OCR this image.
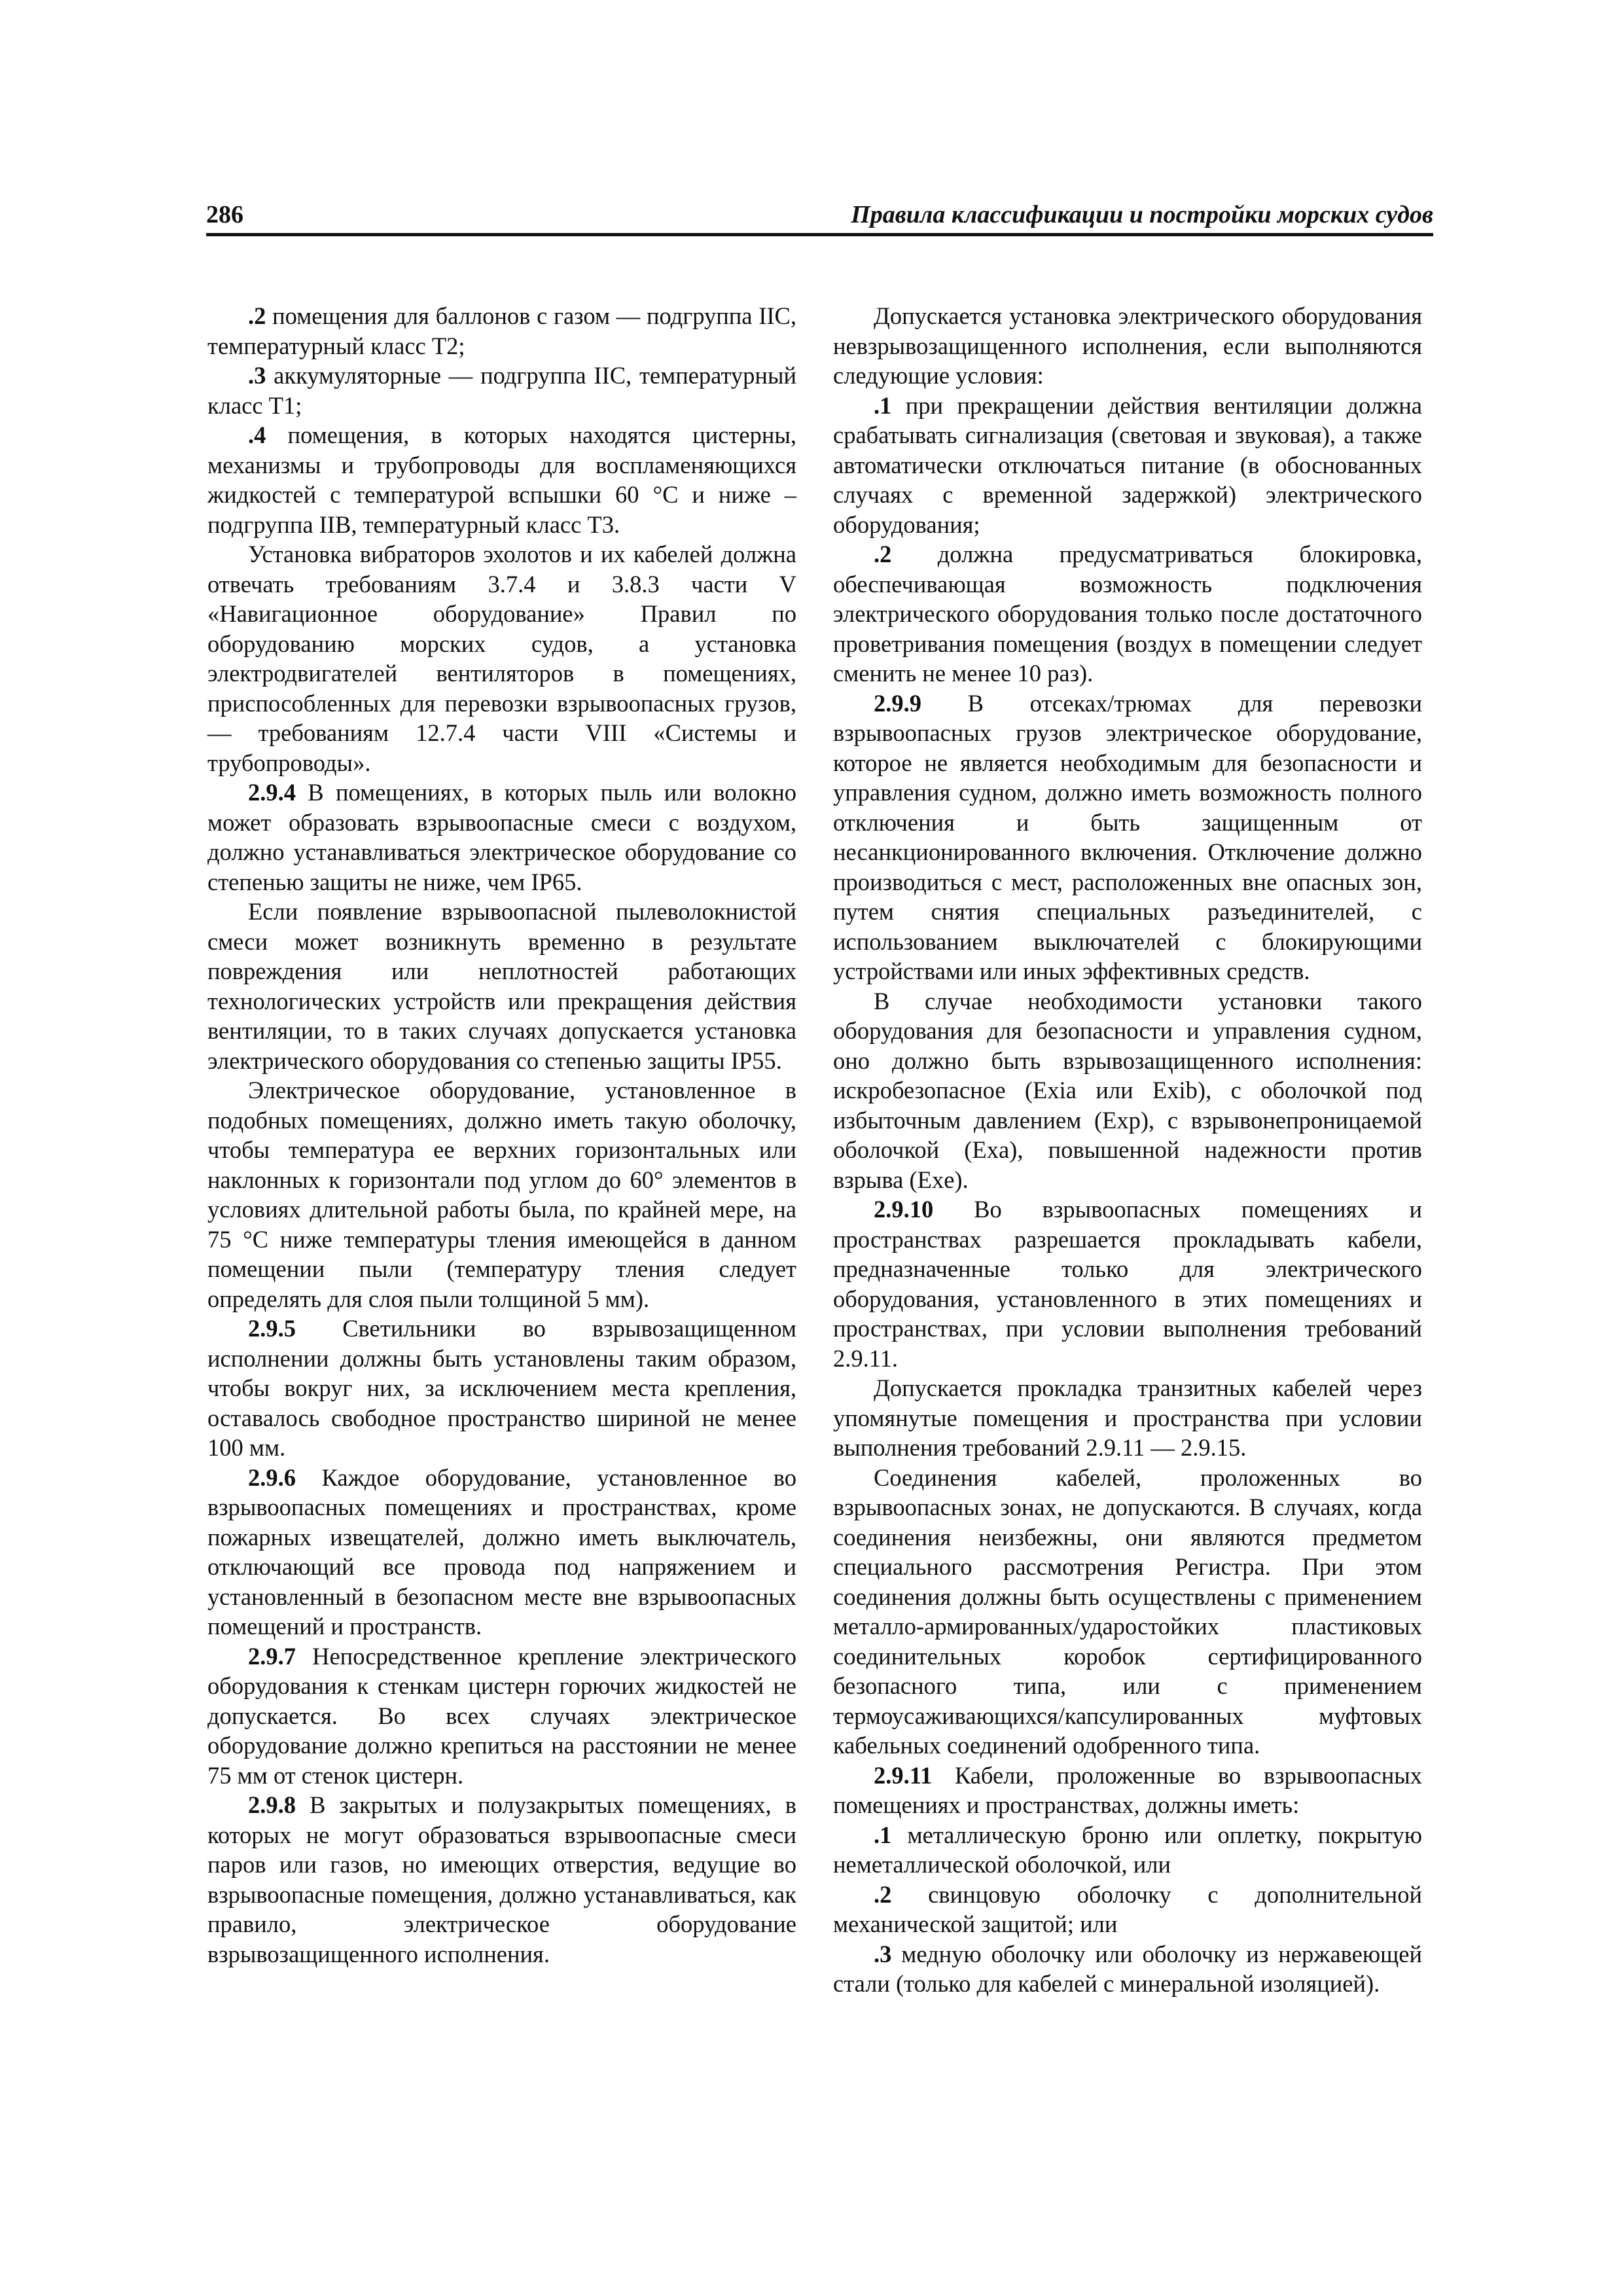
286	Правила классификации и постройки морских судов

.2 помещения для баллонов с газом — подгруппа IIС, температурный класс Т2;

.3 аккумуляторные — подгруппа IIС, температурный класс Т1;

.4 помещения, в которых находятся цистерны, механизмы и трубопроводы для воспламеняющихся жидкостей с температурой вспышки 60 °С и ниже – подгруппа IIВ, температурный класс Т3.

Установка вибраторов эхолотов и их кабелей должна отвечать требованиям 3.7.4 и 3.8.3 части V «Навигационное оборудование» Правил по оборудованию морских судов, а установка электродвигателей вентиляторов в помещениях, приспособленных для перевозки взрывоопасных грузов, — требованиям 12.7.4 части VIII «Системы и трубопроводы».

2.9.4 В помещениях, в которых пыль или волокно может образовать взрывоопасные смеси с воздухом, должно устанавливаться электрическое оборудование со степенью защиты не ниже, чем IP65.

Если появление взрывоопасной пылеволокнистой смеси может возникнуть временно в результате повреждения или неплотностей работающих технологических устройств или прекращения действия вентиляции, то в таких случаях допускается установка электрического оборудования со степенью защиты IP55.

Электрическое оборудование, установленное в подобных помещениях, должно иметь такую оболочку, чтобы температура ее верхних горизонтальных или наклонных к горизонтали под углом до 60° элементов в условиях длительной работы была, по крайней мере, на 75 °С ниже температуры тления имеющейся в данном помещении пыли (температуру тления следует определять для слоя пыли толщиной 5 мм).

2.9.5 Светильники во взрывозащищенном исполнении должны быть установлены таким образом, чтобы вокруг них, за исключением места крепления, оставалось свободное пространство шириной не менее 100 мм.

2.9.6 Каждое оборудование, установленное во взрывоопасных помещениях и пространствах, кроме пожарных извещателей, должно иметь выключатель, отключающий все провода под напряжением и установленный в безопасном месте вне взрывоопасных помещений и пространств.

2.9.7 Непосредственное крепление электрического оборудования к стенкам цистерн горючих жидкостей не допускается. Во всех случаях электрическое оборудование должно крепиться на расстоянии не менее 75 мм от стенок цистерн.

2.9.8 В закрытых и полузакрытых помещениях, в которых не могут образоваться взрывоопасные смеси паров или газов, но имеющих отверстия, ведущие во взрывоопасные помещения, должно устанавливаться, как правило, электрическое оборудование взрывозащищенного исполнения.

Допускается установка электрического оборудования невзрывозащищенного исполнения, если выполняются следующие условия:

.1 при прекращении действия вентиляции должна срабатывать сигнализация (световая и звуковая), а также автоматически отключаться питание (в обоснованных случаях с временной задержкой) электрического оборудования;

.2 должна предусматриваться блокировка, обеспечивающая возможность подключения электрического оборудования только после достаточного проветривания помещения (воздух в помещении следует сменить не менее 10 раз).

2.9.9 В отсеках/трюмах для перевозки взрывоопасных грузов электрическое оборудование, которое не является необходимым для безопасности и управления судном, должно иметь возможность полного отключения и быть защищенным от несанкционированного включения. Отключение должно производиться с мест, расположенных вне опасных зон, путем снятия специальных разъединителей, с использованием выключателей с блокирующими устройствами или иных эффективных средств.

В случае необходимости установки такого оборудования для безопасности и управления судном, оно должно быть взрывозащищенного исполнения: искробезопасное (Exia или Exib), с оболочкой под избыточным давлением (Exp), с взрывонепроницаемой оболочкой (Exa), повышенной надежности против взрыва (Exe).

2.9.10 Во взрывоопасных помещениях и пространствах разрешается прокладывать кабели, предназначенные только для электрического оборудования, установленного в этих помещениях и пространствах, при условии выполнения требований 2.9.11.

Допускается прокладка транзитных кабелей через упомянутые помещения и пространства при условии выполнения требований 2.9.11 — 2.9.15.

Соединения кабелей, проложенных во взрывоопасных зонах, не допускаются. В случаях, когда соединения неизбежны, они являются предметом специального рассмотрения Регистра. При этом соединения должны быть осуществлены с применением металло-армированных/ударостойких пластиковых соединительных коробок сертифицированного безопасного типа, или с применением термоусаживающихся/капсулированных муфтовых кабельных соединений одобренного типа.

2.9.11 Кабели, проложенные во взрывоопасных помещениях и пространствах, должны иметь:

.1 металлическую броню или оплетку, покрытую неметаллической оболочкой, или

.2 свинцовую оболочку с дополнительной механической защитой; или

.3 медную оболочку или оболочку из нержавеющей стали (только для кабелей с минеральной изоляцией).
